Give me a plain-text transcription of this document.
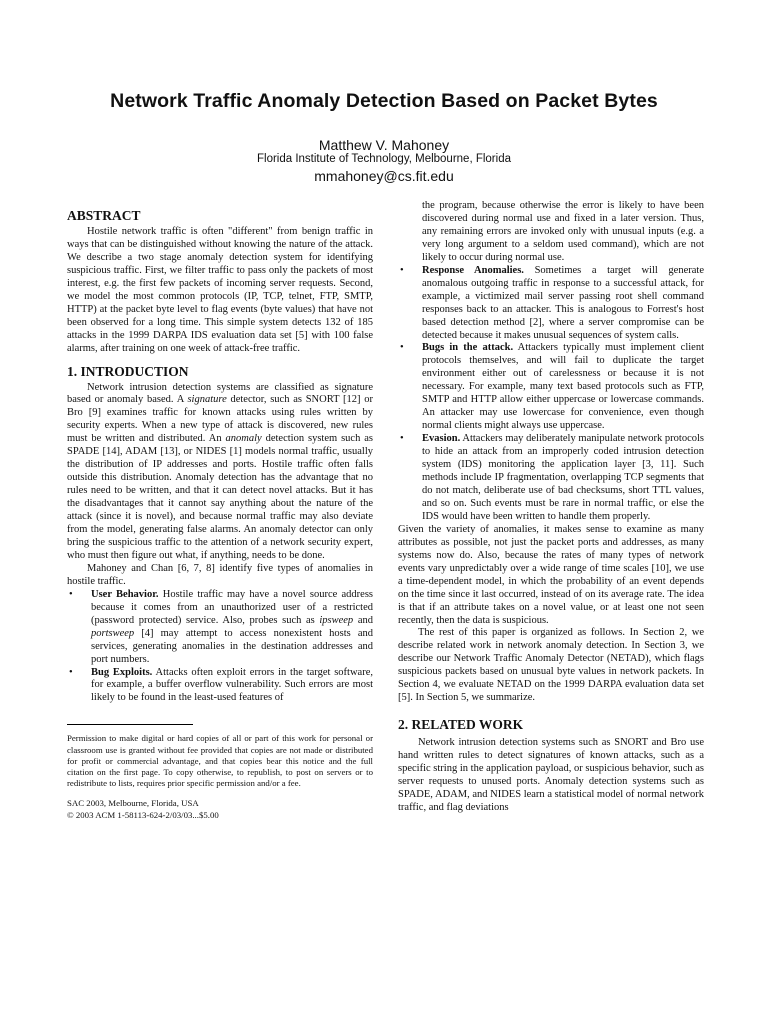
Network Traffic Anomaly Detection Based on Packet Bytes
Matthew V. Mahoney
Florida Institute of Technology, Melbourne, Florida
mmahoney@cs.fit.edu
ABSTRACT

Hostile network traffic is often "different" from benign traffic in ways that can be distinguished without knowing the nature of the attack. We describe a two stage anomaly detection system for identifying suspicious traffic. First, we filter traffic to pass only the packets of most interest, e.g. the first few packets of incoming server requests. Second, we model the most common protocols (IP, TCP, telnet, FTP, SMTP, HTTP) at the packet byte level to flag events (byte values) that have not been observed for a long time. This simple system detects 132 of 185 attacks in the 1999 DARPA IDS evaluation data set [5] with 100 false alarms, after training on one week of attack-free traffic.

1. INTRODUCTION

Network intrusion detection systems are classified as signature based or anomaly based. A signature detector, such as SNORT [12] or Bro [9] examines traffic for known attacks using rules written by security experts. When a new type of attack is discovered, new rules must be written and distributed. An anomaly detection system such as SPADE [14], ADAM [13], or NIDES [1] models normal traffic, usually the distribution of IP addresses and ports. Hostile traffic often falls outside this distribution. Anomaly detection has the advantage that no rules need to be written, and that it can detect novel attacks. But it has the disadvantages that it cannot say anything about the nature of the attack (since it is novel), and because normal traffic may also deviate from the model, generating false alarms. An anomaly detector can only bring the suspicious traffic to the attention of a network security expert, who must then figure out what, if anything, needs to be done.

Mahoney and Chan [6, 7, 8] identify five types of anomalies in hostile traffic.

• User Behavior. Hostile traffic may have a novel source address because it comes from an unauthorized user of a restricted (password protected) service. Also, probes such as ipsweep and portsweep [4] may attempt to access nonexistent hosts and services, generating anomalies in the destination addresses and port numbers.
• Bug Exploits. Attacks often exploit errors in the target software, for example, a buffer overflow vulnerability. Such errors are most likely to be found in the least-used features of
Permission to make digital or hard copies of all or part of this work for personal or classroom use is granted without fee provided that copies are not made or distributed for profit or commercial advantage, and that copies bear this notice and the full citation on the first page. To copy otherwise, to republish, to post on servers or to redistribute to lists, requires prior specific permission and/or a fee.
SAC 2003, Melbourne, Florida, USA
© 2003 ACM 1-58113-624-2/03/03...$5.00

the program, because otherwise the error is likely to have been discovered during normal use and fixed in a later version. Thus, any remaining errors are invoked only with unusual inputs (e.g. a very long argument to a seldom used command), which are not likely to occur during normal use.

• Response Anomalies. Sometimes a target will generate anomalous outgoing traffic in response to a successful attack, for example, a victimized mail server passing root shell command responses back to an attacker. This is analogous to Forrest's host based detection method [2], where a server compromise can be detected because it makes unusual sequences of system calls.
• Bugs in the attack. Attackers typically must implement client protocols themselves, and will fail to duplicate the target environment either out of carelessness or because it is not necessary. For example, many text based protocols such as FTP, SMTP and HTTP allow either uppercase or lowercase commands. An attacker may use lowercase for convenience, even though normal clients might always use uppercase.
• Evasion. Attackers may deliberately manipulate network protocols to hide an attack from an improperly coded intrusion detection system (IDS) monitoring the application layer [3, 11]. Such methods include IP fragmentation, overlapping TCP segments that do not match, deliberate use of bad checksums, short TTL values, and so on. Such events must be rare in normal traffic, or else the IDS would have been written to handle them properly.

Given the variety of anomalies, it makes sense to examine as many attributes as possible, not just the packet ports and addresses, as many systems now do. Also, because the rates of many types of network events vary unpredictably over a wide range of time scales [10], we use a time-dependent model, in which the probability of an event depends on the time since it last occurred, instead of on its average rate. The idea is that if an attribute takes on a novel value, or at least one not seen recently, then the data is suspicious.

The rest of this paper is organized as follows. In Section 2, we describe related work in network anomaly detection. In Section 3, we describe our Network Traffic Anomaly Detector (NETAD), which flags suspicious packets based on unusual byte values in network packets. In Section 4, we evaluate NETAD on the 1999 DARPA evaluation data set [5]. In Section 5, we summarize.

2. RELATED WORK

Network intrusion detection systems such as SNORT and Bro use hand written rules to detect signatures of known attacks, such as a specific string in the application payload, or suspicious behavior, such as server requests to unused ports. Anomaly detection systems such as SPADE, ADAM, and NIDES learn a statistical model of normal network traffic, and flag deviations
